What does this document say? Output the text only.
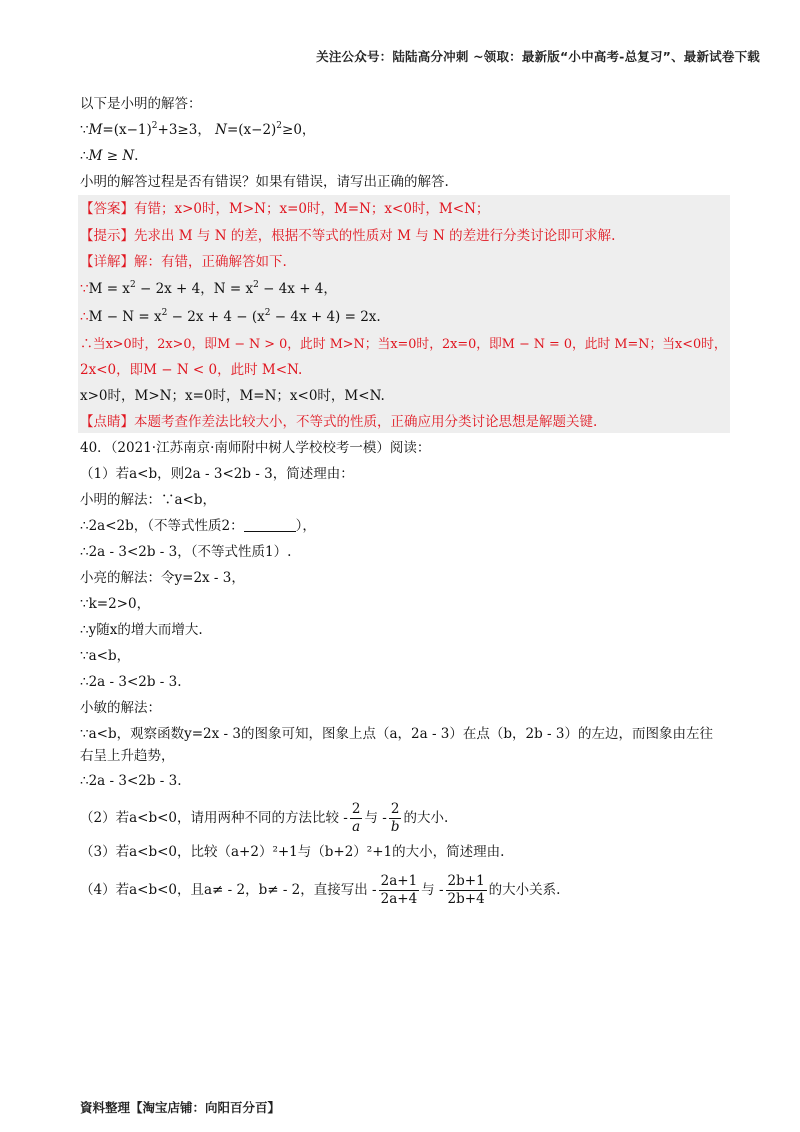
关注公众号：陆陆高分冲刺 ~领取：最新版“小中高考-总复习”、最新试卷下载
以下是小明的解答：
$\because M=(x-1)^2+3\ge 3$， $N=(x-2)^2\ge 0$，
∴M ≥ N.
小明的解答过程是否有错误？如果有错误，请写出正确的解答.
【答案】有错；x>0时，M>N；x=0时，M=N；x<0时，M<N；
【提示】先求出 M 与 N 的差，根据不等式的性质对 M 与 N 的差进行分类讨论即可求解.
【详解】解：有错，正确解答如下.
∵M = $x^2 - 2x + 4$，$N = x^2 - 4x + 4$，
∴M − $N = x^2 - 2x + 4 - (x^2 - 4x + 4) = 2x$.
∴当x>0时，2x>0，即M − N > 0，此时 M>N；当x=0时，2x=0，即M − N = 0，此时 M=N；当x<0时，
2x<0，即M − N < 0，此时 M<N.
x>0时，M>N；x=0时，M=N；x<0时，M<N.
【点睛】本题考查作差法比较大小，不等式的性质，正确应用分类讨论思想是解题关键.
40．（2021·江苏南京·南师附中树人学校校考一模）阅读：
（1）若a<b，则2a - 3<2b - 3，简述理由：
小明的解法：∵a<b，
∴2a<2b，（不等式性质2：	），
∴2a - 3<2b - 3，（不等式性质1）.
小亮的解法：令y=2x - 3，
∵k=2>0，
∴y随x的增大而增大.
∵a<b，
∴2a - 3<2b - 3.
小敏的解法：
∵a<b，观察函数y=2x - 3的图象可知，图象上点（a，2a - 3）在点（b，2b - 3）的左边，而图象由左往右呈上升趋势，
∴2a - 3<2b - 3.
（2）若a<b<0，请用两种不同的方法比较 - $\frac{2}{a}$ 与 - $\frac{2}{b}$ 的大小.
（3）若a<b<0，比较（a+2）²+1与（b+2）²+1的大小，简述理由.
（4）若a<b<0，且a≠ - 2，b≠ - 2，直接写出 - $\frac{2a+1}{2a+4}$ 与 - $\frac{2b+1}{2b+4}$ 的大小关系.
資料整理【淘宝店铺：向阳百分百】
